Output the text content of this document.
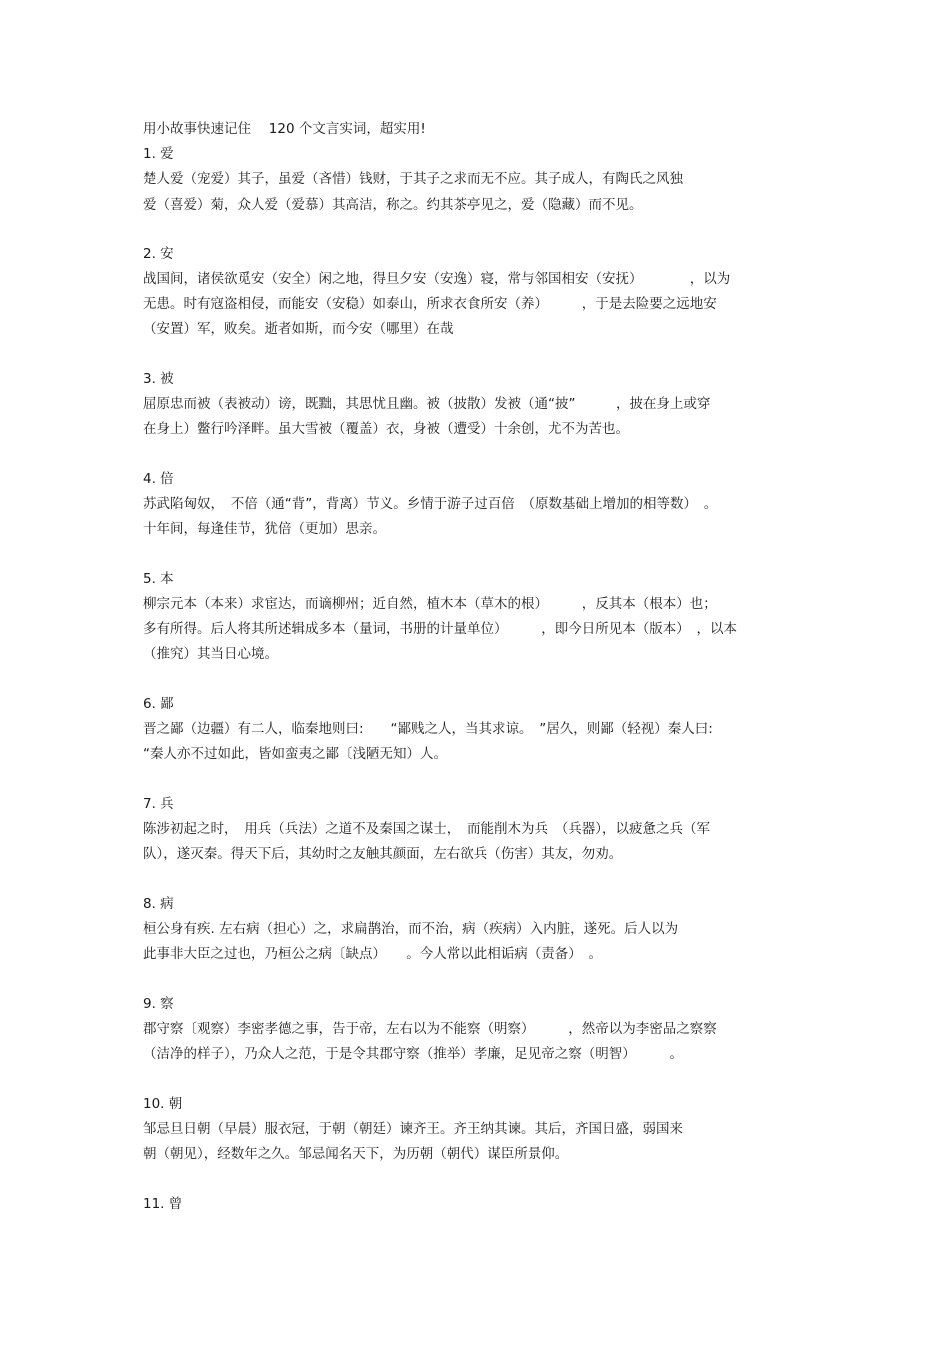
用小故事快速记住　 120 个文言实词，超实用!
1. 爱
楚人爱（宠爱）其子，虽爱（吝惜）钱财，于其子之求而无不应。其子成人，有陶氏之风独
爱（喜爱）菊，众人爱（爱慕）其高洁，称之。约其茶亭见之，爱（隐藏）而不见。
2. 安
战国间，诸侯欲觅安（安全）闲之地，得旦夕安（安逸）寝，常与邻国相安（安抚）　　　　，以为
无患。时有寇盗相侵，而能安（安稳）如泰山，所求衣食所安（养）　　　，于是去险要之远地安
（安置）军，败矣。逝者如斯，而今安（哪里）在哉
3. 被
屈原忠而被（表被动）谤，既黜，其思忧且幽。被（披散）发被（通“披”　　　，披在身上或穿
在身上）鳖行吟泽畔。虽大雪被（覆盖）衣，身被（遭受）十余创，尤不为苦也。
4. 倍
苏武陷匈奴，　不倍（通“背”，背离）节义。乡情于游子过百倍　（原数基础上增加的相等数）　。
十年间，每逢佳节，犹倍（更加）思亲。
5. 本
柳宗元本（本来）求宦达，而谪柳州；近自然，植木本（草木的根）　　　，反其本（根本）也；
多有所得。后人将其所述辑成多本（量词，书册的计量单位）　　　，即今日所见本（版本）　，以本
（推究）其当日心境。
6. 鄙
晋之鄙（边疆）有二人，临秦地则曰:　　“鄙贱之人，当其求谅。　”居久，则鄙（轻视）秦人曰:
“秦人亦不过如此，皆如蛮夷之鄙〔浅陋无知）人。
7. 兵
陈涉初起之时，　用兵（兵法）之道不及秦国之谋士，　而能削木为兵　（兵器），以疲惫之兵（军
队），遂灭秦。得天下后，其幼时之友触其颜面，左右欲兵（伤害）其友，勿劝。
8. 病
桓公身有疾. 左右病（担心）之，求扁鹊治，而不治，病（疾病）入内脏，遂死。后人以为
此事非大臣之过也，乃桓公之病〔缺点）　　。今人常以此相诟病（责备）　。
9. 察
郡守察〔观察）李密孝德之事，告于帝，左右以为不能察（明察）　　　，然帝以为李密品之察察
（洁净的样子），乃众人之范，于是令其郡守察（推举）孝廉，足见帝之察（明智）　　　。
10. 朝
邹忌旦日朝（早晨）服衣冠，于朝（朝廷）谏齐王。齐王纳其谏。其后，齐国日盛，弱国来
朝（朝见），经数年之久。邹忌闻名天下，为历朝（朝代）谋臣所景仰。
11. 曾
